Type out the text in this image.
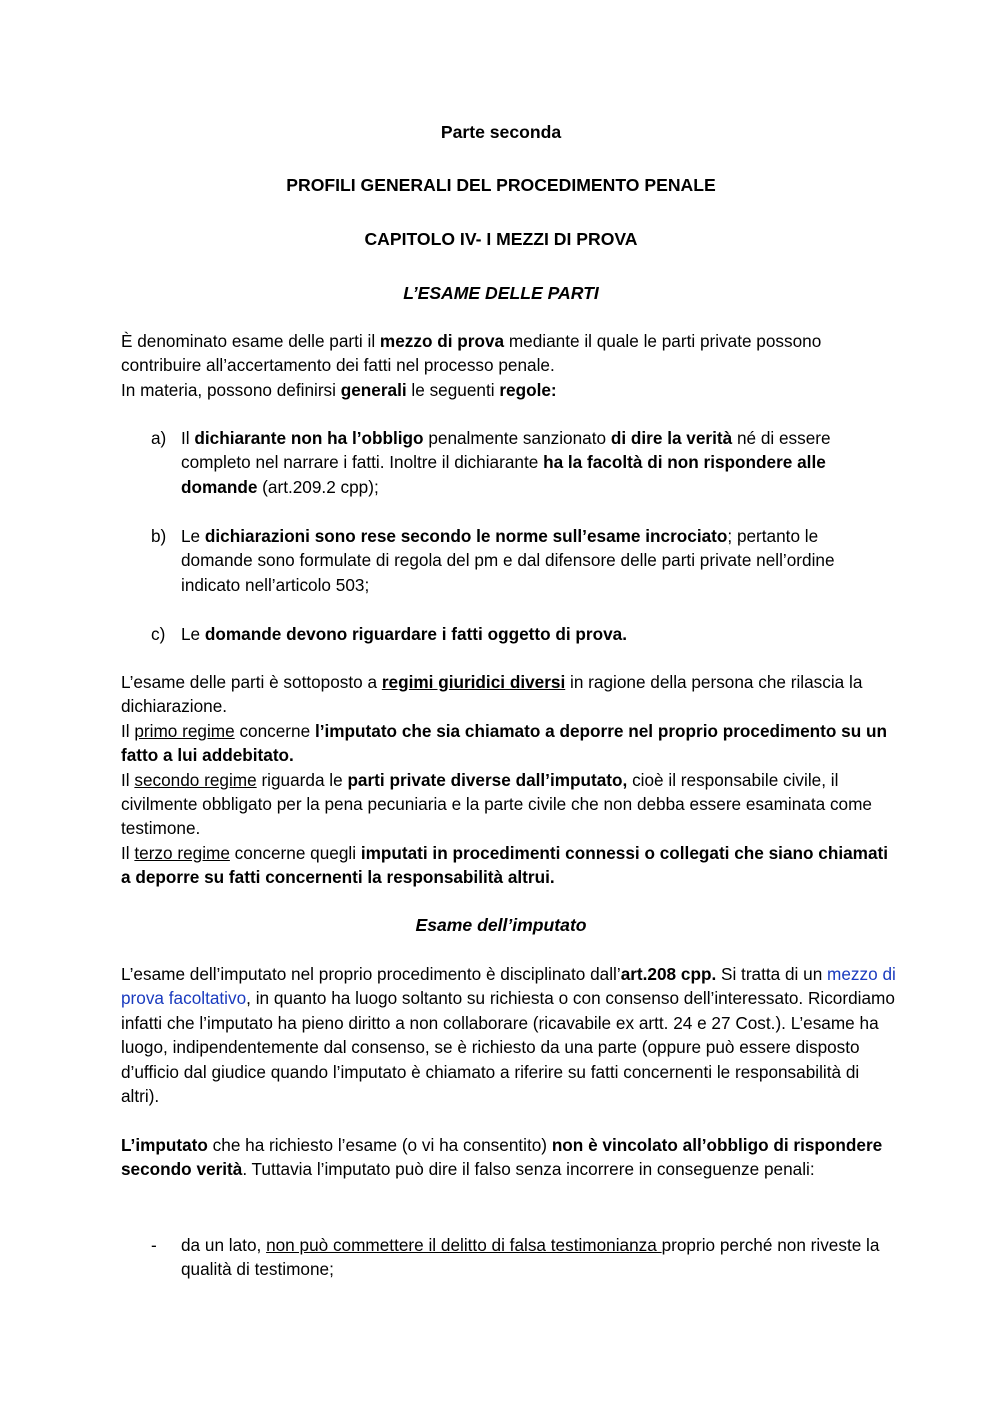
Parte seconda
PROFILI GENERALI DEL PROCEDIMENTO PENALE
CAPITOLO IV- I MEZZI DI PROVA
L’ESAME DELLE PARTI
È denominato esame delle parti il mezzo di prova mediante il quale le parti private possono contribuire all’accertamento dei fatti nel processo penale.
In materia, possono definirsi generali le seguenti regole:
a) Il dichiarante non ha l’obbligo penalmente sanzionato di dire la verità né di essere completo nel narrare i fatti. Inoltre il dichiarante ha la facoltà di non rispondere alle domande (art.209.2 cpp);
b) Le dichiarazioni sono rese secondo le norme sull’esame incrociato; pertanto le domande sono formulate di regola del pm e dal difensore delle parti private nell’ordine indicato nell’articolo 503;
c) Le domande devono riguardare i fatti oggetto di prova.
L’esame delle parti è sottoposto a regimi giuridici diversi in ragione della persona che rilascia la dichiarazione.
Il primo regime concerne l’imputato che sia chiamato a deporre nel proprio procedimento su un fatto a lui addebitato.
Il secondo regime riguarda le parti private diverse dall’imputato, cioè il responsabile civile, il civilmente obbligato per la pena pecuniaria e la parte civile che non debba essere esaminata come testimone.
Il terzo regime concerne quegli imputati in procedimenti connessi o collegati che siano chiamati a deporre su fatti concernenti la responsabilità altrui.
Esame dell’imputato
L’esame dell’imputato nel proprio procedimento è disciplinato dall’art.208 cpp. Si tratta di un mezzo di prova facoltativo, in quanto ha luogo soltanto su richiesta o con consenso dell’interessato. Ricordiamo infatti che l’imputato ha pieno diritto a non collaborare (ricavabile ex artt. 24 e 27 Cost.). L’esame ha luogo, indipendentemente dal consenso, se è richiesto da una parte (oppure può essere disposto d’ufficio dal giudice quando l’imputato è chiamato a riferire su fatti concernenti le responsabilità di altri).
L’imputato che ha richiesto l’esame (o vi ha consentito) non è vincolato all’obbligo di rispondere secondo verità. Tuttavia l’imputato può dire il falso senza incorrere in conseguenze penali:
-	da un lato, non può commettere il delitto di falsa testimonianza proprio perché non riveste la qualità di testimone;
